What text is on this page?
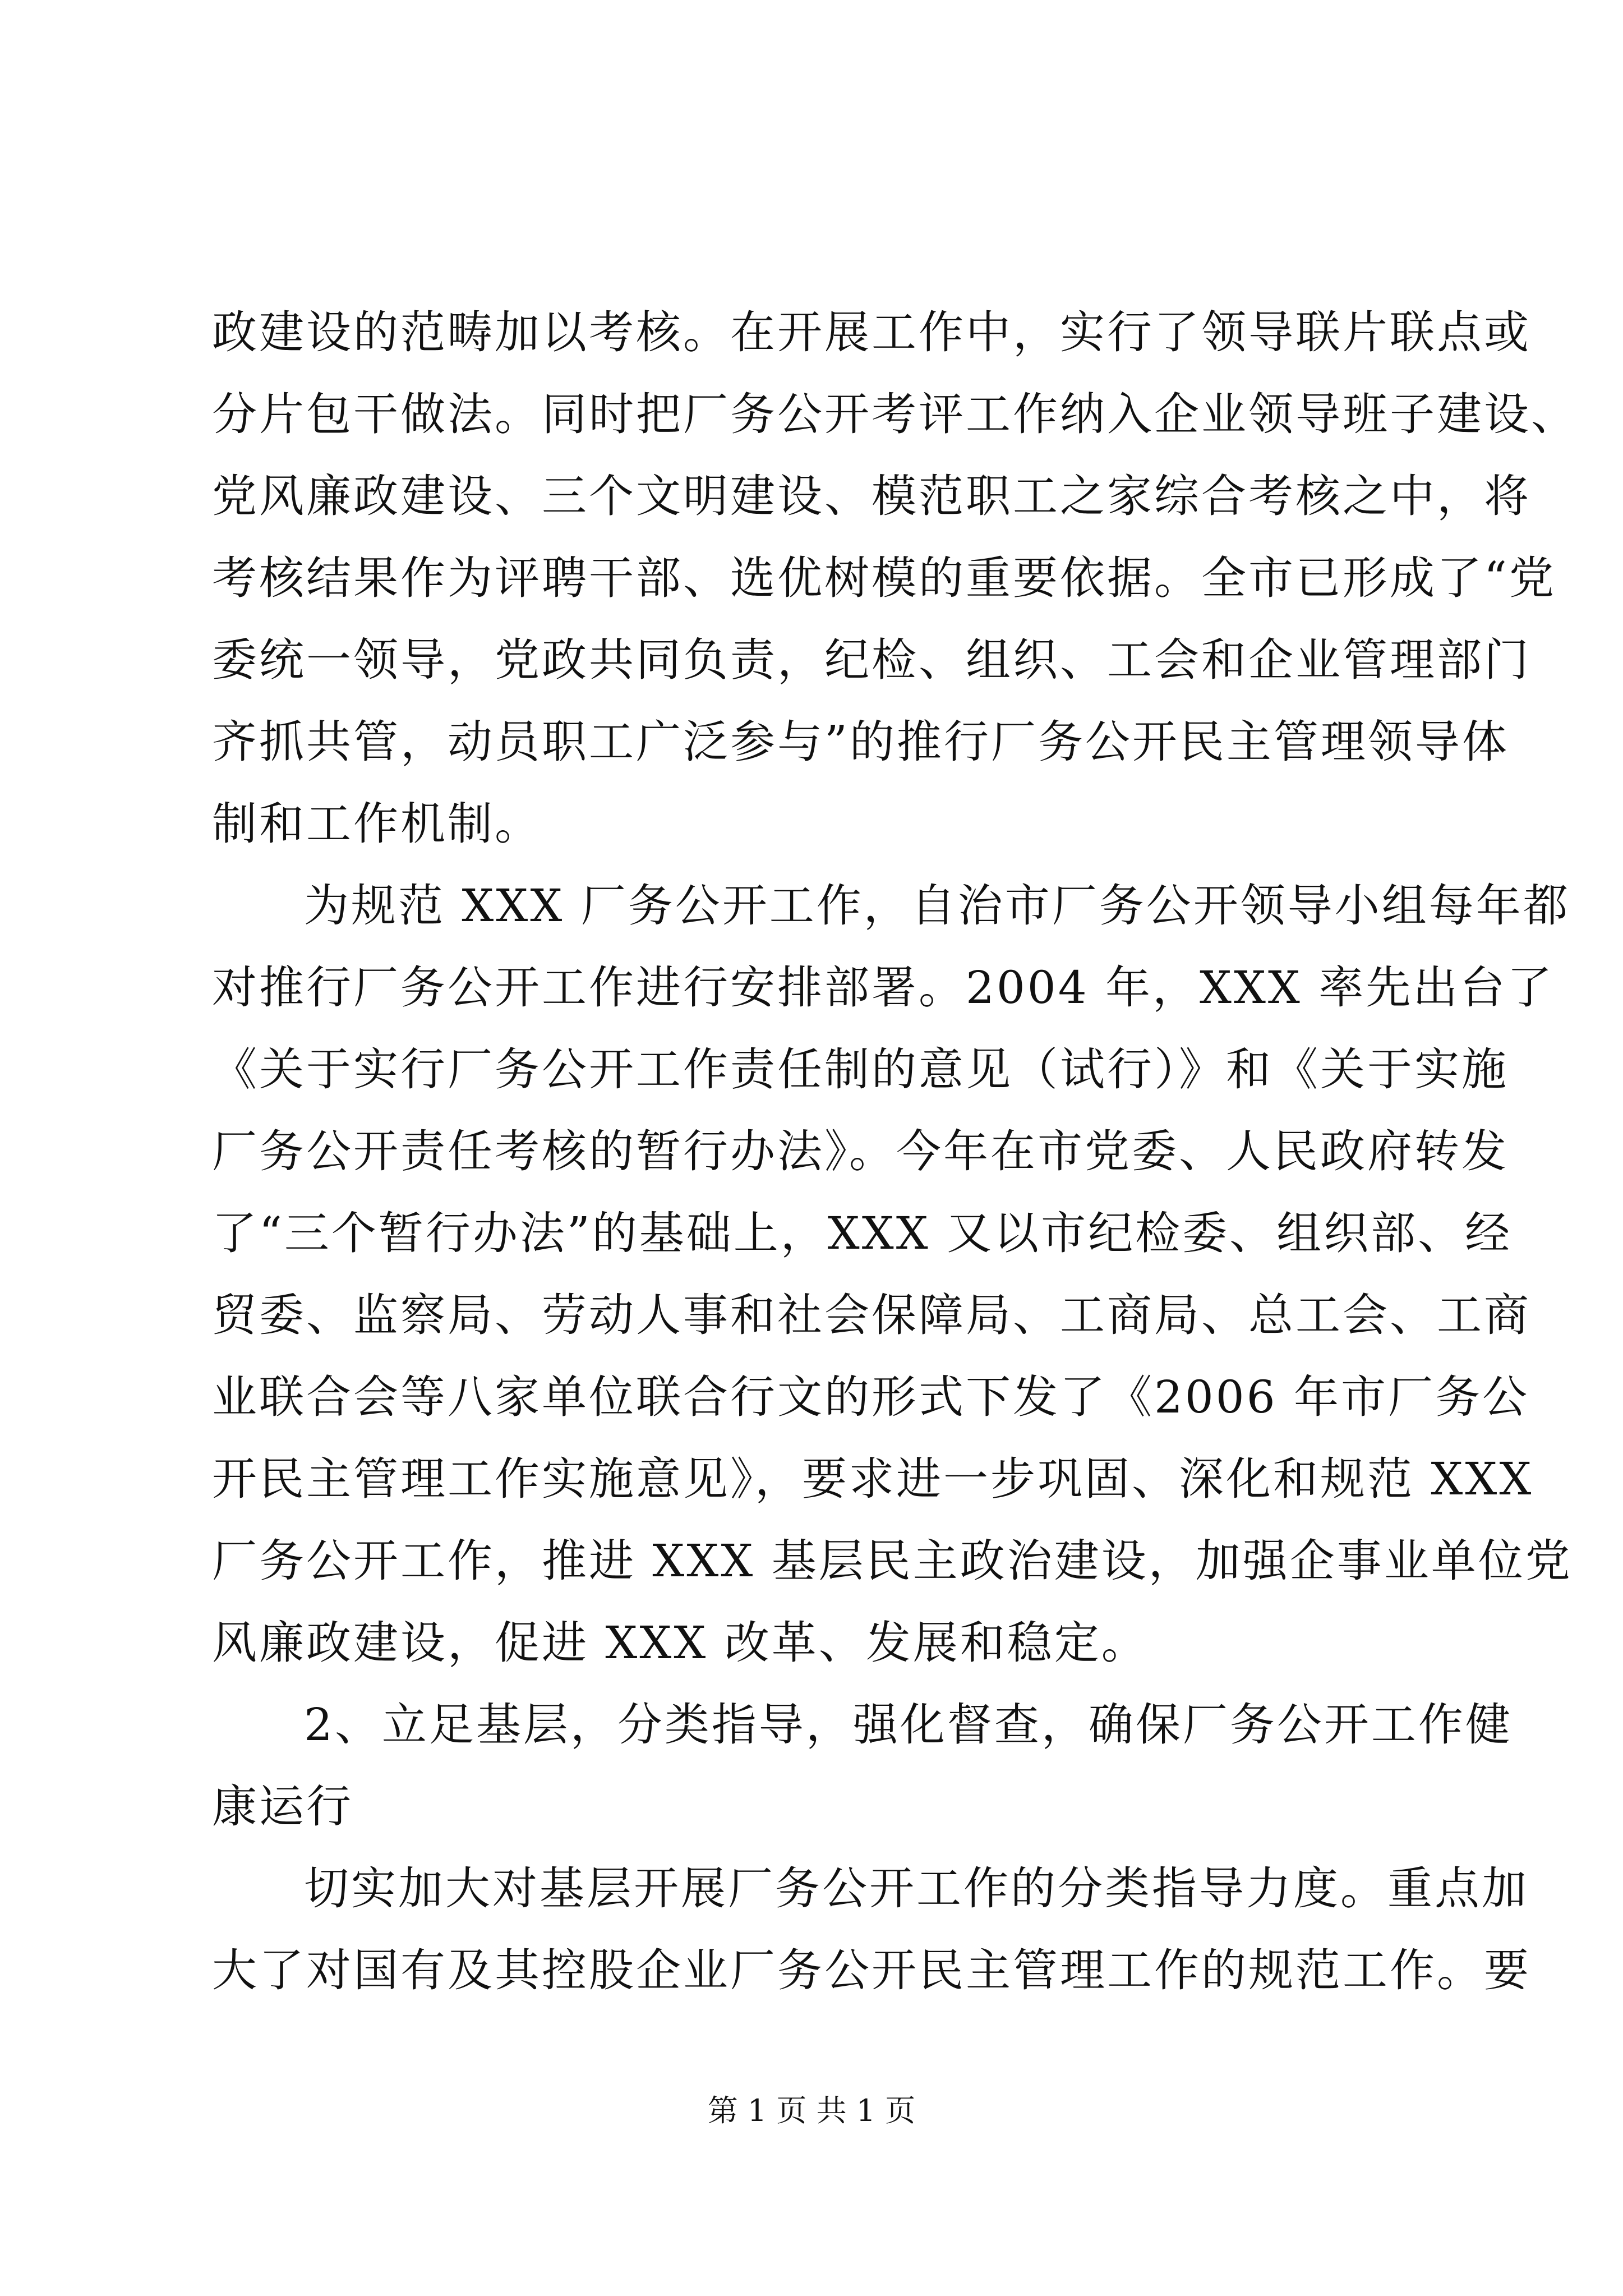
政建设的范畴加以考核。在开展工作中，实行了领导联片联点或
分片包干做法。同时把厂务公开考评工作纳入企业领导班子建设、
党风廉政建设、三个文明建设、模范职工之家综合考核之中，将
考核结果作为评聘干部、选优树模的重要依据。全市已形成了“党
委统一领导，党政共同负责，纪检、组织、工会和企业管理部门
齐抓共管，动员职工广泛参与”的推行厂务公开民主管理领导体
制和工作机制。
为规范 XXX 厂务公开工作，自治市厂务公开领导小组每年都
对推行厂务公开工作进行安排部署。2004 年，XXX 率先出台了
《关于实行厂务公开工作责任制的意见（试行）》和《关于实施
厂务公开责任考核的暂行办法》。今年在市党委、人民政府转发
了“三个暂行办法”的基础上，XXX 又以市纪检委、组织部、经
贸委、监察局、劳动人事和社会保障局、工商局、总工会、工商
业联合会等八家单位联合行文的形式下发了《2006 年市厂务公
开民主管理工作实施意见》，要求进一步巩固、深化和规范 XXX
厂务公开工作，推进 XXX 基层民主政治建设，加强企事业单位党
风廉政建设，促进 XXX 改革、发展和稳定。
2、立足基层，分类指导，强化督查，确保厂务公开工作健
康运行
切实加大对基层开展厂务公开工作的分类指导力度。重点加
大了对国有及其控股企业厂务公开民主管理工作的规范工作。要
第 1 页 共 1 页
